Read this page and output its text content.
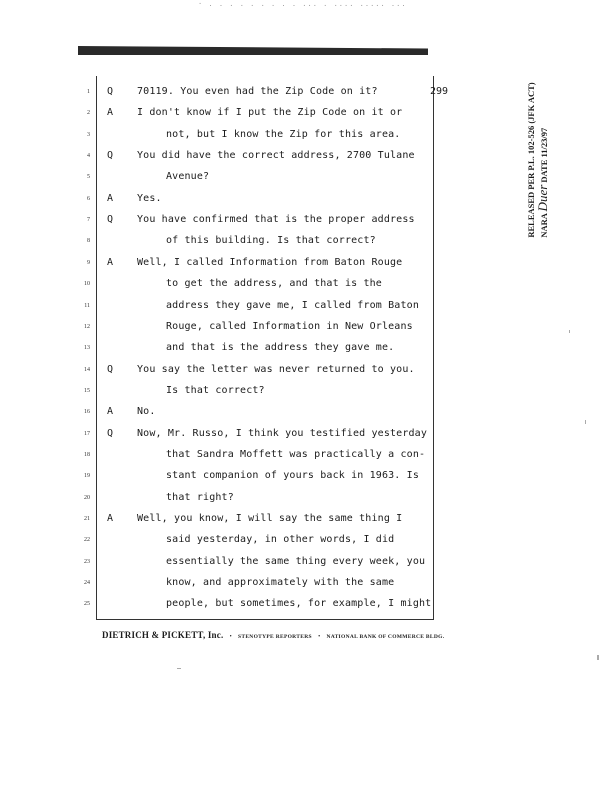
· . . . . . . . . . ... . .... ..... ...
299
1 Q 70119. You even had the Zip Code on it?
2 A I don't know if I put the Zip Code on it or
3	not, but I know the Zip for this area.
4 Q You did have the correct address, 2700 Tulane
5	Avenue?
6 A Yes.
7 Q You have confirmed that is the proper address
8	of this building. Is that correct?
9 A Well, I called Information from Baton Rouge
10	to get the address, and that is the
11	address they gave me, I called from Baton
12	Rouge, called Information in New Orleans
13	and that is the address they gave me.
14 Q You say the letter was never returned to you.
15	Is that correct?
16 A No.
17 Q Now, Mr. Russo, I think you testified yesterday
18	that Sandra Moffett was practically a con-
19	stant companion of yours back in 1963. Is
20	that right?
21 A Well, you know, I will say the same thing I
22	said yesterday, in other words, I did
23	essentially the same thing every week, you
24	know, and approximately with the same
25	people, but sometimes, for example, I might
DIETRICH & PICKETT, Inc. • STENOTYPE REPORTERS • NATIONAL BANK OF COMMERCE BLDG.
RELEASED PER P.L. 102-526 (JFK ACT) NARA Duer DATE 11/23/97
